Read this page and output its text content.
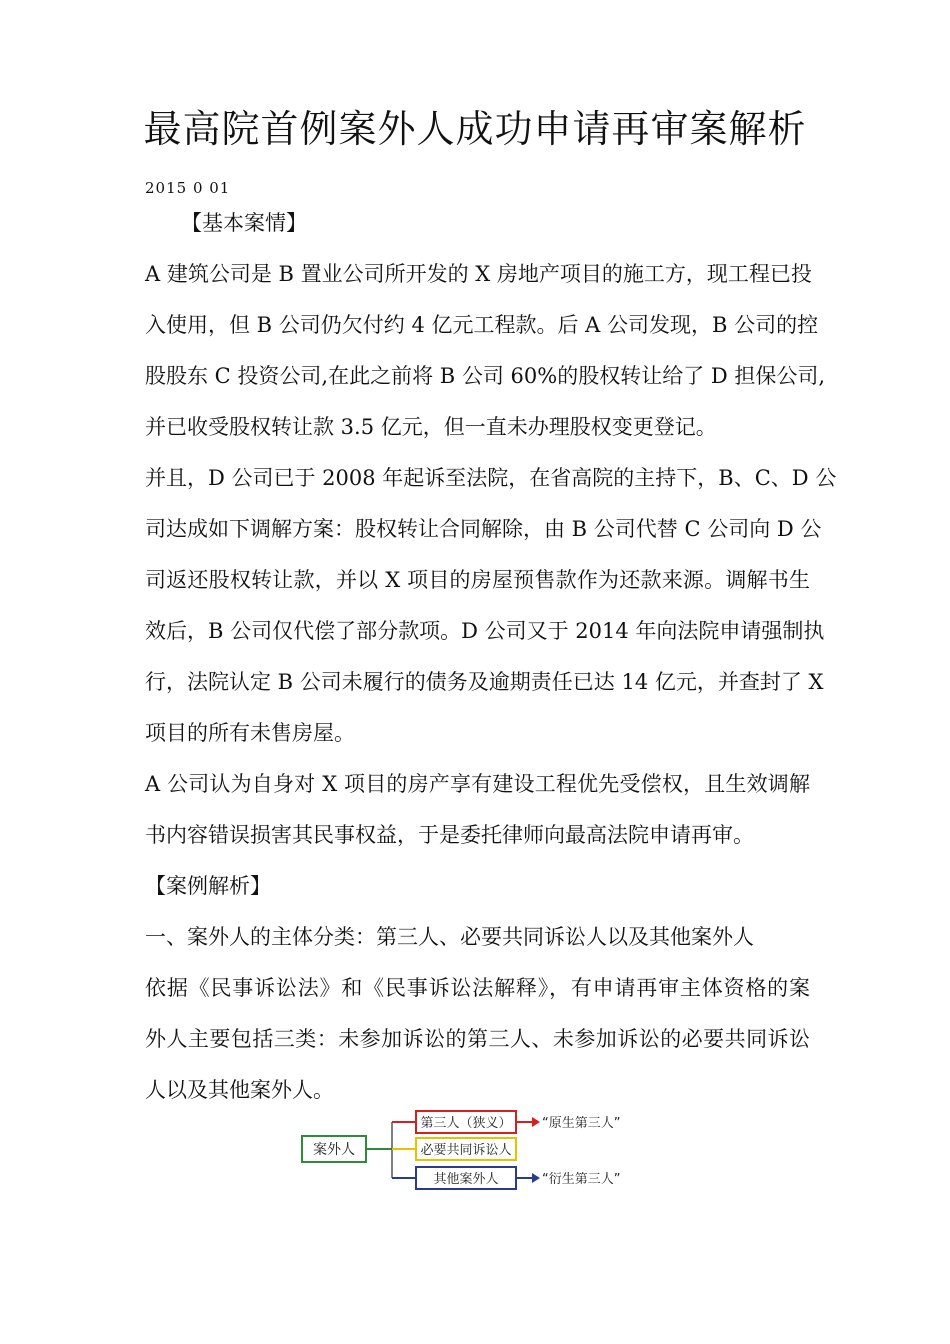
最高院首例案外人成功申请再审案解析
2015 0 01
【基本案情】
A 建筑公司是 B 置业公司所开发的 X 房地产项目的施工方，现工程已投
入使用，但 B 公司仍欠付约 4 亿元工程款。后 A 公司发现，B 公司的控
股股东 C 投资公司,在此之前将 B 公司 60%的股权转让给了 D 担保公司,
并已收受股权转让款 3.5 亿元，但一直未办理股权变更登记。
并且，D 公司已于 2008 年起诉至法院，在省高院的主持下，B、C、D 公
司达成如下调解方案：股权转让合同解除，由 B 公司代替 C 公司向 D 公
司返还股权转让款，并以 X 项目的房屋预售款作为还款来源。调解书生
效后，B 公司仅代偿了部分款项。D 公司又于 2014 年向法院申请强制执
行，法院认定 B 公司未履行的债务及逾期责任已达 14 亿元，并查封了 X
项目的所有未售房屋。
A 公司认为自身对 X 项目的房产享有建设工程优先受偿权，且生效调解
书内容错误损害其民事权益，于是委托律师向最高法院申请再审。
【案例解析】
一、案外人的主体分类：第三人、必要共同诉讼人以及其他案外人
依据《民事诉讼法》和《民事诉讼法解释》，有申请再审主体资格的案
外人主要包括三类：未参加诉讼的第三人、未参加诉讼的必要共同诉讼
人以及其他案外人。
案外人
第三人（狭义）
必要共同诉讼人
其他案外人
“原生第三人”
“衍生第三人”
